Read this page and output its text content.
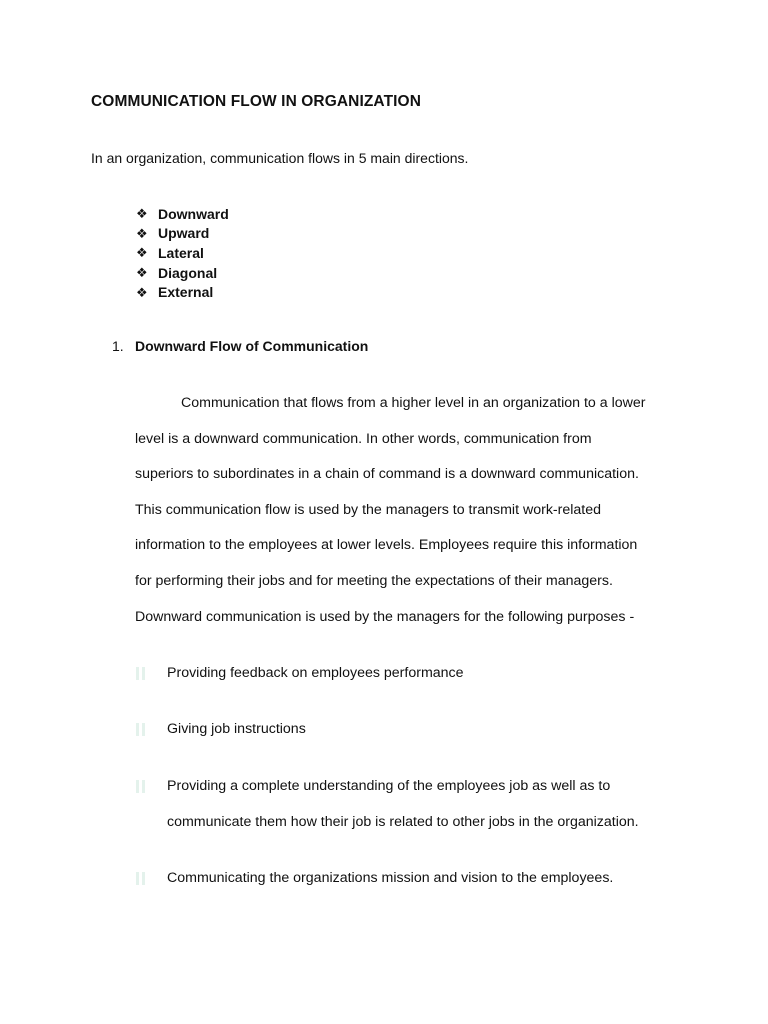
COMMUNICATION FLOW IN ORGANIZATION
In an organization, communication flows in 5 main directions.
❖ Downward
❖ Upward
❖ Lateral
❖ Diagonal
❖ External
1. Downward Flow of Communication
Communication that flows from a higher level in an organization to a lower
level is a downward communication. In other words, communication from
superiors to subordinates in a chain of command is a downward communication.
This communication flow is used by the managers to transmit work-related
information to the employees at lower levels. Employees require this information
for performing their jobs and for meeting the expectations of their managers.
Downward communication is used by the managers for the following purposes -
Providing feedback on employees performance
Giving job instructions
Providing a complete understanding of the employees job as well as to
communicate them how their job is related to other jobs in the organization.
Communicating the organizations mission and vision to the employees.
